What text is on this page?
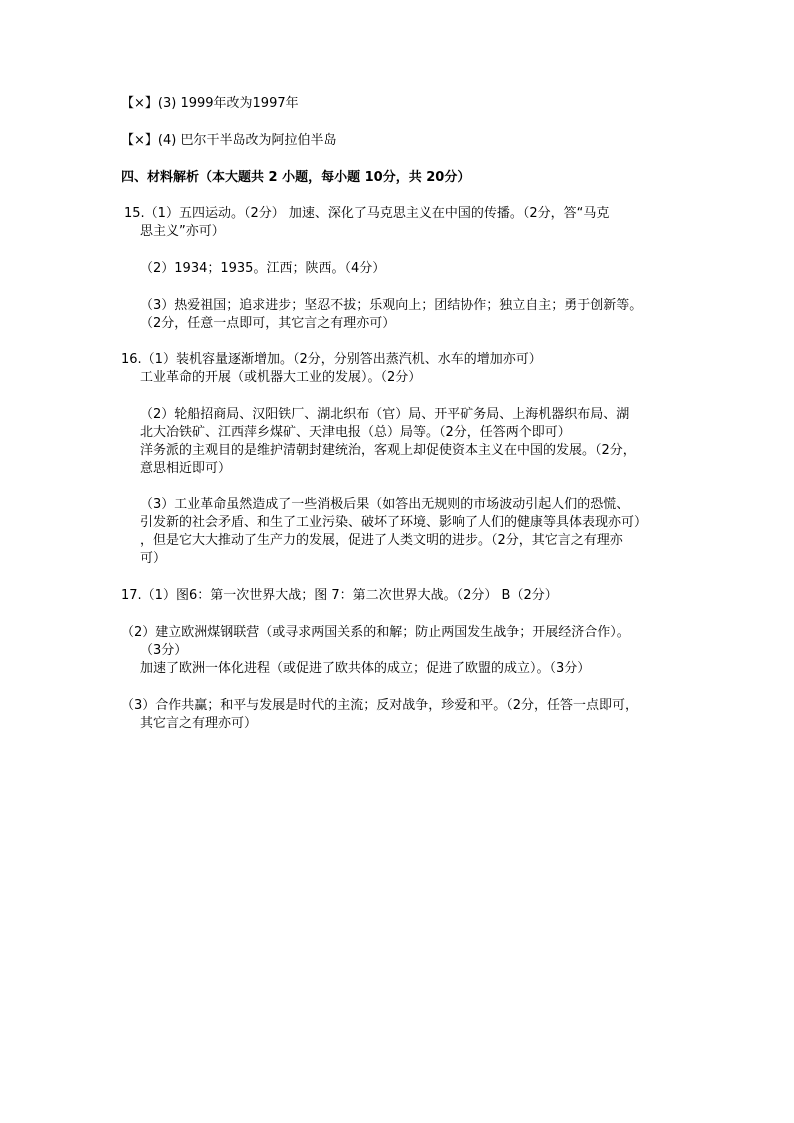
【×】(3) 1999年改为1997年
【×】(4) 巴尔干半岛改为阿拉伯半岛
四、材料解析（本大题共 2 小题，每小题 10分，共 20分）
15.（1）五四运动。（2分） 加速、深化了马克思主义在中国的传播。（2分，答“马克
思主义”亦可）
（2）1934；1935。江西；陕西。（4分）
（3）热爱祖国；追求进步；坚忍不拔；乐观向上；团结协作；独立自主；勇于创新等。
（2分，任意一点即可，其它言之有理亦可）
16.（1）装机容量逐渐增加。（2分，分别答出蒸汽机、水车的增加亦可）
工业革命的开展（或机器大工业的发展）。（2分）
（2）轮船招商局、汉阳铁厂、湖北织布（官）局、开平矿务局、上海机器织布局、湖
北大冶铁矿、江西萍乡煤矿、天津电报（总）局等。（2分，任答两个即可）
洋务派的主观目的是维护清朝封建统治，客观上却促使资本主义在中国的发展。（2分，
意思相近即可）
（3）工业革命虽然造成了一些消极后果（如答出无规则的市场波动引起人们的恐慌、
引发新的社会矛盾、和生了工业污染、破坏了环境、影响了人们的健康等具体表现亦可）
，但是它大大推动了生产力的发展，促进了人类文明的进步。（2分，其它言之有理亦
可）
17.（1）图6：第一次世界大战；图 7：第二次世界大战。（2分） B（2分）
（2）建立欧洲煤钢联营（或寻求两国关系的和解；防止两国发生战争；开展经济合作）。
（3分）
加速了欧洲一体化进程（或促进了欧共体的成立；促进了欧盟的成立）。（3分）
（3）合作共赢；和平与发展是时代的主流；反对战争，珍爱和平。（2分，任答一点即可，
其它言之有理亦可）
